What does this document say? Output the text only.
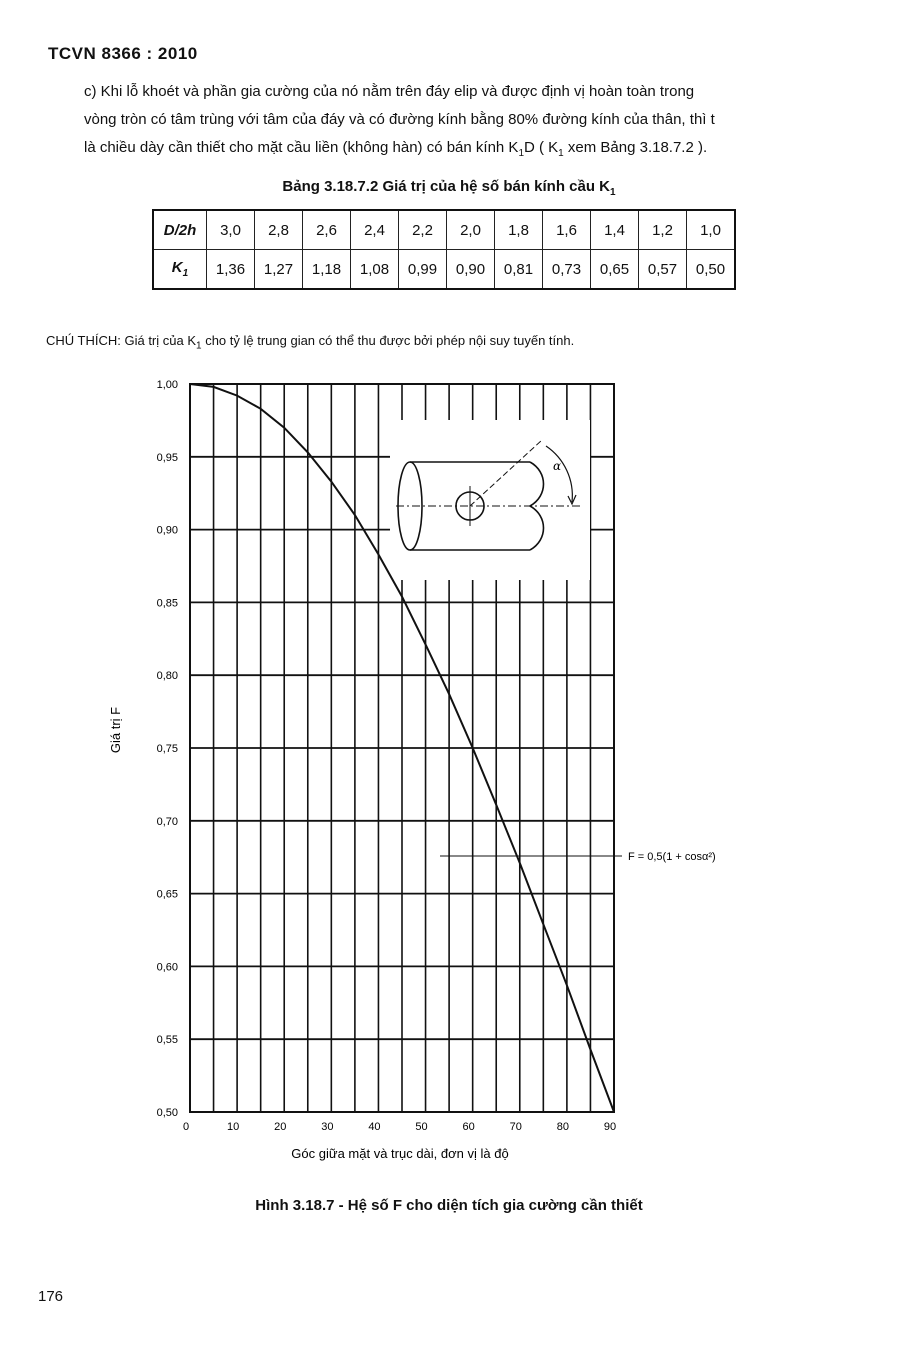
TCVN 8366 : 2010
c) Khi lỗ khoét và phần gia cường của nó nằm trên đáy elip và được định vị hoàn toàn trong
vòng tròn có tâm trùng với tâm của đáy và có đường kính bằng 80% đường kính của thân, thì t
là chiều dày cần thiết cho mặt cầu liền (không hàn) có bán kính $K_1D$ ( $K_1$ xem Bảng 3.18.7.2 ).
Bảng 3.18.7.2 Giá trị của hệ số bán kính cầu $K_1$
D/2h	3,0	2,8	2,6	2,4	2,2	2,0	1,8	1,6	1,4	1,2	1,0
$K_1$	1,36	1,27	1,18	1,08	0,99	0,90	0,81	0,73	0,65	0,57	0,50
CHÚ THÍCH: Giá trị của $K_1$ cho tỷ lệ trung gian có thể thu được bởi phép nội suy tuyến tính.
α
F = 0,5(1 + cosα²)
0,50
0,55
0,60
0,65
0,70
0,75
0,80
0,85
0,90
0,95
1,00
0	10	20	30	40	50	60	70	80	90
Giá trị F
Góc giữa mặt và trục dài, đơn vị là độ
Hình 3.18.7 - Hệ số F cho diện tích gia cường cần thiết
176
